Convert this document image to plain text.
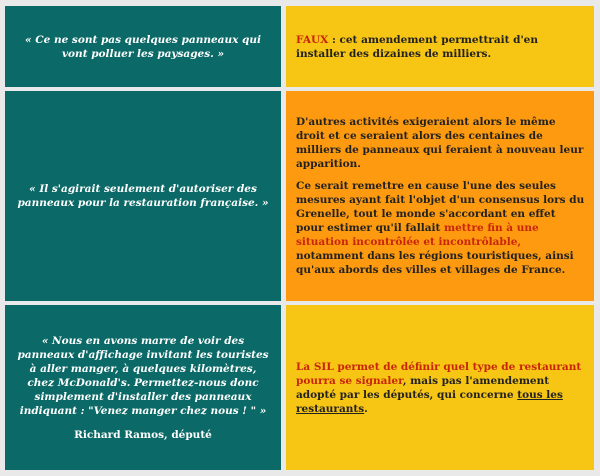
« Ce ne sont pas quelques panneaux qui vont polluer les paysages. »

FAUX : cet amendement permettrait d'en installer des dizaines de milliers.

« Il s'agirait seulement d'autoriser des panneaux pour la restauration française. »

D'autres activités exigeraient alors le même droit et ce seraient alors des centaines de milliers de panneaux qui feraient à nouveau leur apparition.

Ce serait remettre en cause l'une des seules mesures ayant fait l'objet d'un consensus lors du Grenelle, tout le monde s'accordant en effet pour estimer qu'il fallait mettre fin à une situation incontrôlée et incontrôlable, notamment dans les régions touristiques, ainsi qu'aux abords des villes et villages de France.

« Nous en avons marre de voir des panneaux d'affichage invitant les touristes à aller manger, à quelques kilomètres, chez McDonald's. Permettez-nous donc simplement d'installer des panneaux indiquant : "Venez manger chez nous ! " »

Richard Ramos, député

La SIL permet de définir quel type de restaurant pourra se signaler, mais pas l'amendement adopté par les députés, qui concerne tous les restaurants.
